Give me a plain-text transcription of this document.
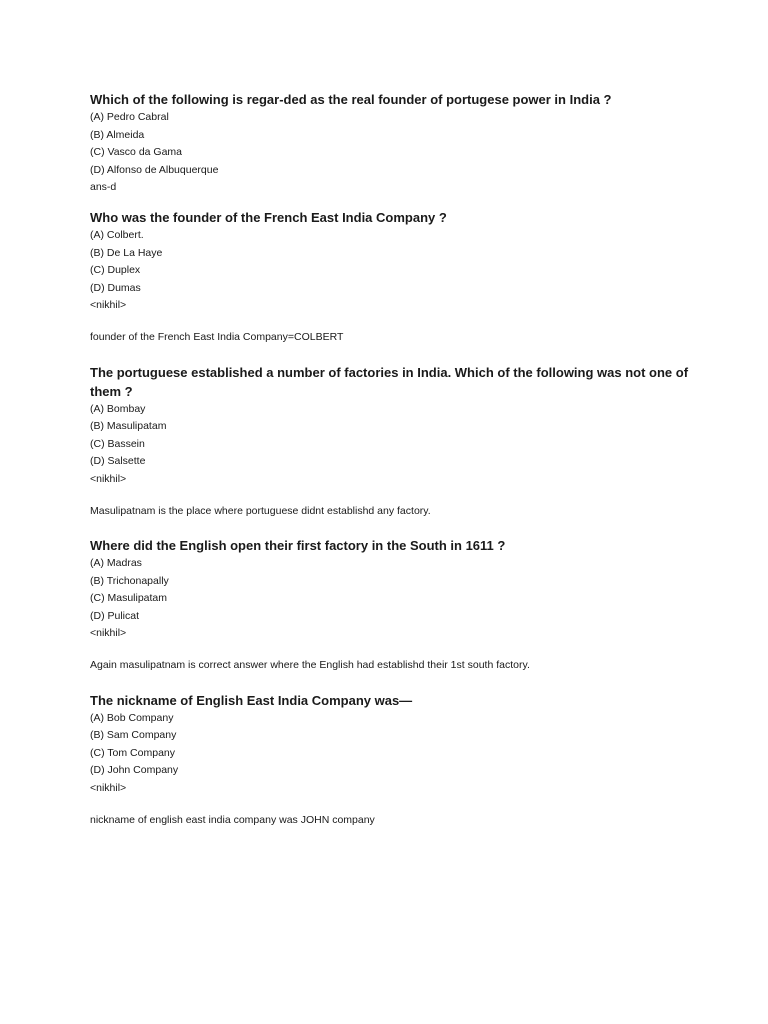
Which of the following is regar-ded as the real founder of portugese power in India ?

(A) Pedro Cabral

(B) Almeida

(C) Vasco da Gama

(D) Alfonso de Albuquerque

ans-d

Who was the founder of the French East India Company ?

(A) Colbert.

(B) De La Haye

(C) Duplex

(D) Dumas

<nikhil>

founder of the French East India Company=COLBERT

The portuguese established a number of factories in India. Which of the following was not one of them ?

(A) Bombay

(B) Masulipatam

(C) Bassein

(D) Salsette

<nikhil>

Masulipatnam is the place where portuguese didnt establishd any factory.

Where did the English open their first factory in the South in 1611 ?

(A) Madras

(B) Trichonapally

(C) Masulipatam

(D) Pulicat

<nikhil>

Again masulipatnam is correct answer where the English had establishd their 1st south factory.

The nickname of English East India Company was—

(A) Bob Company

(B) Sam Company

(C) Tom Company

(D) John Company

<nikhil>

nickname of english east india company was JOHN company
